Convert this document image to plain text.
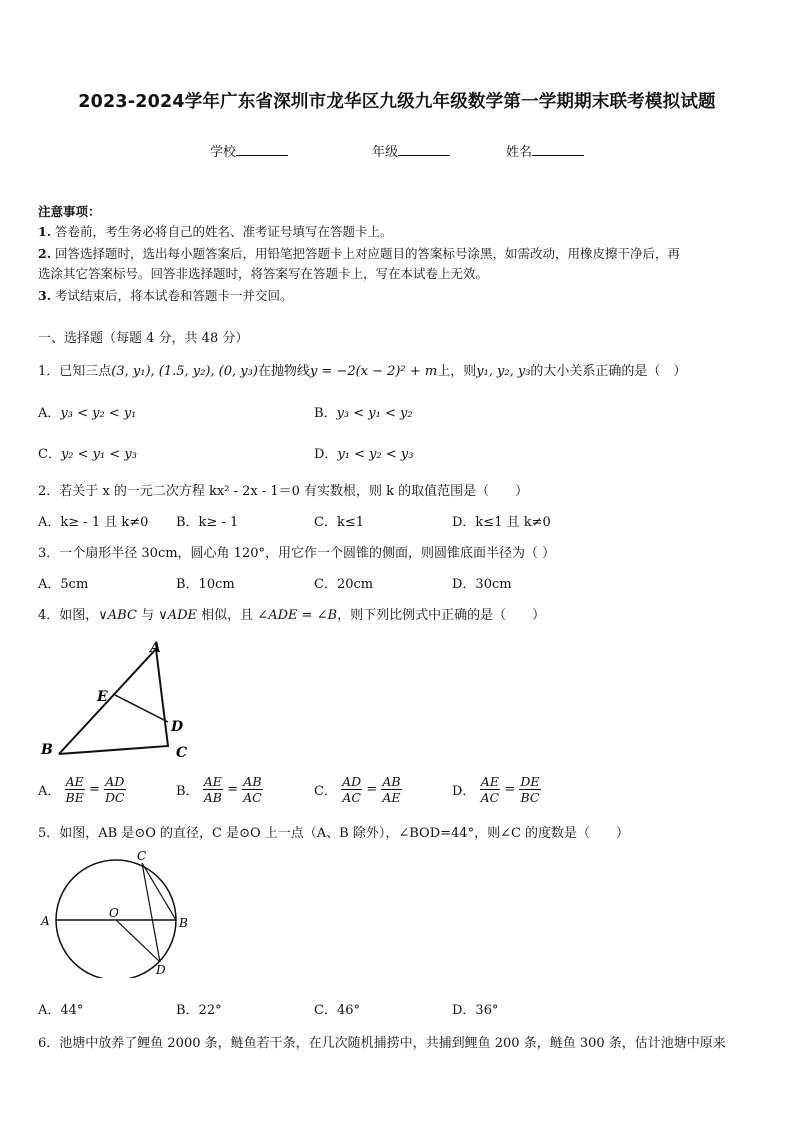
2023-2024学年广东省深圳市龙华区九级九年级数学第一学期期末联考模拟试题
学校	年级	姓名
注意事项：
1. 答卷前，考生务必将自己的姓名、准考证号填写在答题卡上。
2. 回答选择题时，选出每小题答案后，用铅笔把答题卡上对应题目的答案标号涂黑，如需改动，用橡皮擦干净后，再
选涂其它答案标号。回答非选择题时，将答案写在答题卡上，写在本试卷上无效。
3. 考试结束后，将本试卷和答题卡一并交回。
一、选择题（每题 4 分，共 48 分）
1．已知三点(3, y₁), (1.5, y₂), (0, y₃)在抛物线y = −2(x − 2)² + m上，则y₁, y₂, y₃的大小关系正确的是（　）
A．y₃ < y₂ < y₁	B．y₃ < y₁ < y₂
C．y₂ < y₁ < y₃	D．y₁ < y₂ < y₃
2．若关于 x 的一元二次方程 kx² - 2x - 1＝0 有实数根，则 k 的取值范围是（　　）
A．k≥ - 1 且 k≠0 B．k≥ - 1	C．k≤1	D．k≤1 且 k≠0
3．一个扇形半径 30cm，圆心角 120°，用它作一个圆锥的侧面，则圆锥底面半径为（ ）
A．5cm	B．10cm	C．20cm	D．30cm
4．如图，∨ABC 与 ∨ADE 相似，且 ∠ADE = ∠B，则下列比例式中正确的是（　　）
A
B	C
D
E
A． $\frac{AE}{BE} = \frac{AD}{DC}$	B． $\frac{AE}{AB} = \frac{AB}{AC}$	C． $\frac{AD}{AC} = \frac{AB}{AE}$	D． $\frac{AE}{AC} = \frac{DE}{BC}$
5．如图，AB 是⊙O 的直径，C 是⊙O 上一点（A、B 除外），∠BOD=44°，则∠C 的度数是（　　）
A	B
C
D
O
A．44°	B．22°	C．46°	D．36°
6．池塘中放养了鲤鱼 2000 条，鲢鱼若干条，在几次随机捕捞中，共捕到鲤鱼 200 条，鲢鱼 300 条，估计池塘中原来
